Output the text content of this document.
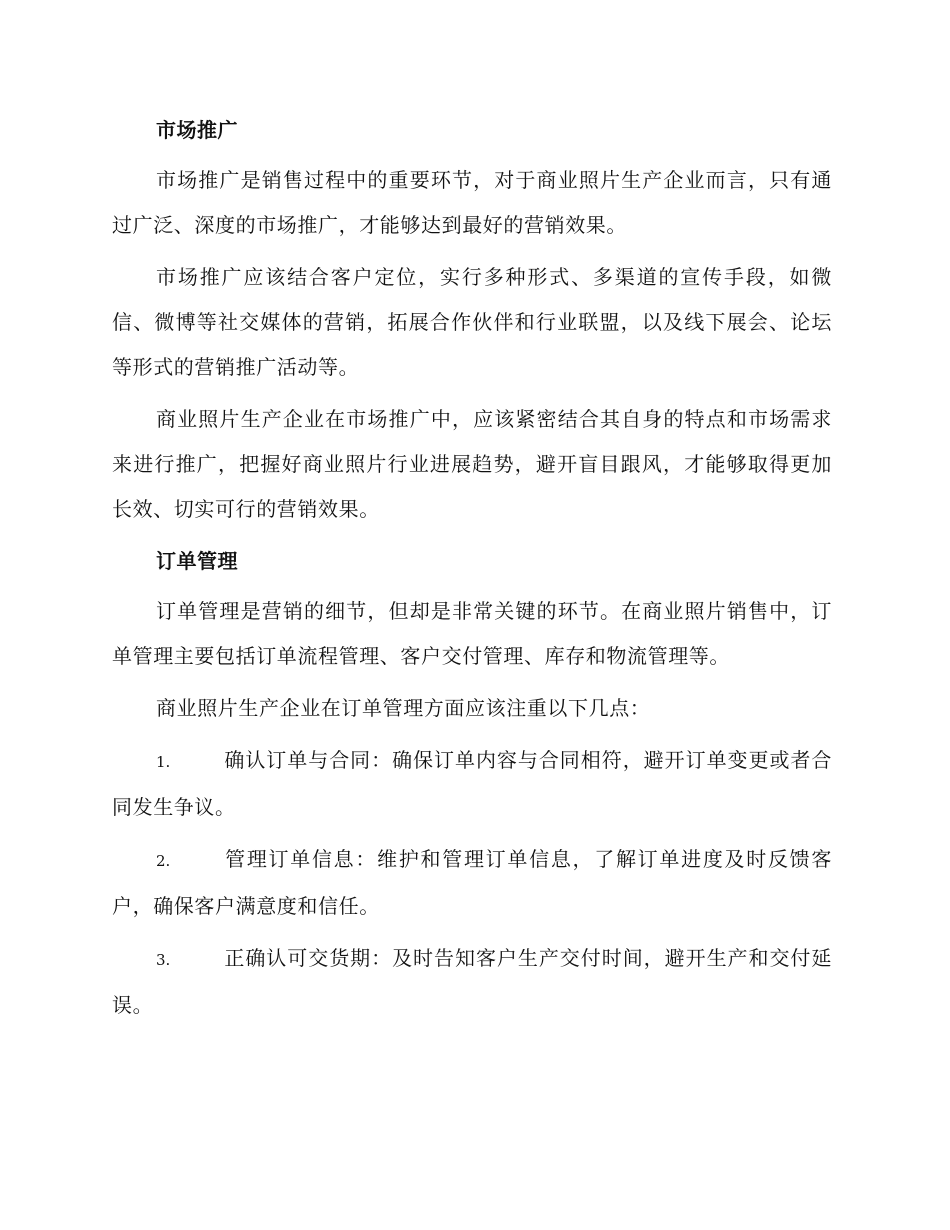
市场推广

市场推广是销售过程中的重要环节，对于商业照片生产企业而言，只有通过广泛、深度的市场推广，才能够达到最好的营销效果。

市场推广应该结合客户定位，实行多种形式、多渠道的宣传手段，如微信、微博等社交媒体的营销，拓展合作伙伴和行业联盟，以及线下展会、论坛等形式的营销推广活动等。

商业照片生产企业在市场推广中，应该紧密结合其自身的特点和市场需求来进行推广，把握好商业照片行业进展趋势，避开盲目跟风，才能够取得更加长效、切实可行的营销效果。

订单管理

订单管理是营销的细节，但却是非常关键的环节。在商业照片销售中，订单管理主要包括订单流程管理、客户交付管理、库存和物流管理等。

商业照片生产企业在订单管理方面应该注重以下几点：

1.	确认订单与合同：确保订单内容与合同相符，避开订单变更或者合同发生争议。

2.	管理订单信息：维护和管理订单信息，了解订单进度及时反馈客户，确保客户满意度和信任。

3.	正确认可交货期：及时告知客户生产交付时间，避开生产和交付延误。
